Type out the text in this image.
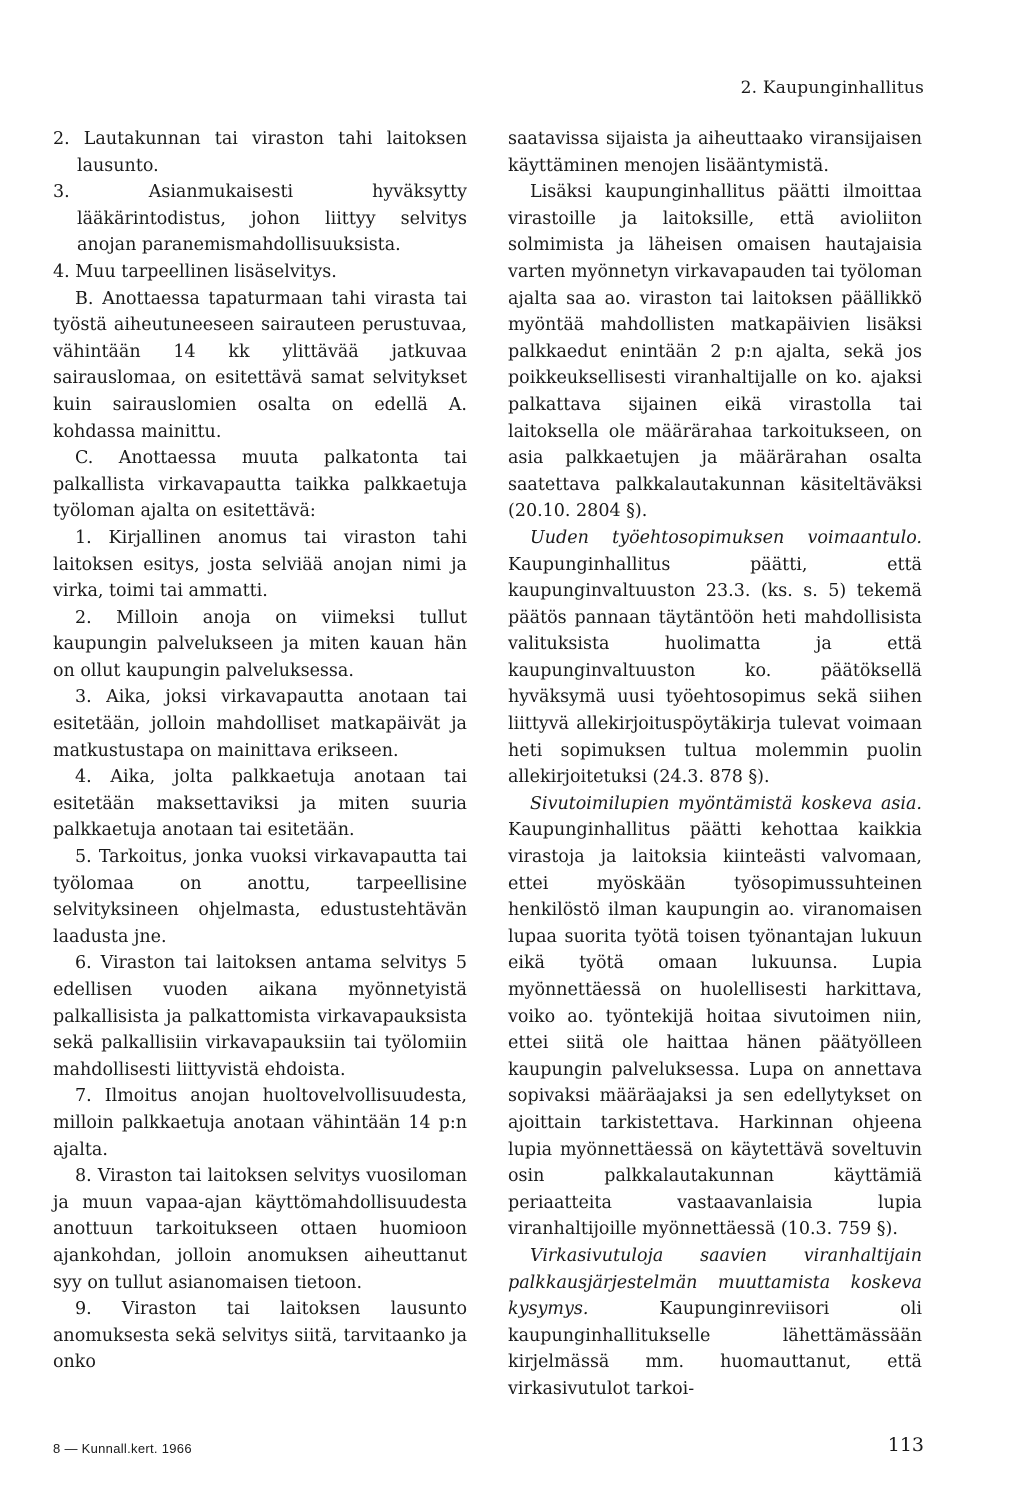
2. Kaupunginhallitus

2. Lautakunnan tai viraston tahi laitoksen lausunto.

3. Asianmukaisesti hyväksytty lääkärintodistus, johon liittyy selvitys anojan paranemismahdollisuuksista.

4. Muu tarpeellinen lisäselvitys.

B. Anottaessa tapaturmaan tahi virasta tai työstä aiheutuneeseen sairauteen perustuvaa, vähintään 14 kk ylittävää jatkuvaa sairauslomaa, on esitettävä samat selvitykset kuin sairauslomien osalta on edellä A. kohdassa mainittu.

C. Anottaessa muuta palkatonta tai palkallista virkavapautta taikka palkkaetuja työloman ajalta on esitettävä:

1. Kirjallinen anomus tai viraston tahi laitoksen esitys, josta selviää anojan nimi ja virka, toimi tai ammatti.

2. Milloin anoja on viimeksi tullut kaupungin palvelukseen ja miten kauan hän on ollut kaupungin palveluksessa.

3. Aika, joksi virkavapautta anotaan tai esitetään, jolloin mahdolliset matkapäivät ja matkustustapa on mainittava erikseen.

4. Aika, jolta palkkaetuja anotaan tai esitetään maksettaviksi ja miten suuria palkkaetuja anotaan tai esitetään.

5. Tarkoitus, jonka vuoksi virkavapautta tai työlomaa on anottu, tarpeellisine selvityksineen ohjelmasta, edustustehtävän laadusta jne.

6. Viraston tai laitoksen antama selvitys 5 edellisen vuoden aikana myönnetyistä palkallisista ja palkattomista virkavapauksista sekä palkallisiin virkavapauksiin tai työlomiin mahdollisesti liittyvistä ehdoista.

7. Ilmoitus anojan huoltovelvollisuudesta, milloin palkkaetuja anotaan vähintään 14 p:n ajalta.

8. Viraston tai laitoksen selvitys vuosiloman ja muun vapaa-ajan käyttömahdollisuudesta anottuun tarkoitukseen ottaen huomioon ajankohdan, jolloin anomuksen aiheuttanut syy on tullut asianomaisen tietoon.

9. Viraston tai laitoksen lausunto anomuksesta sekä selvitys siitä, tarvitaanko ja onko

saatavissa sijaista ja aiheuttaako viransijaisen käyttäminen menojen lisääntymistä.

Lisäksi kaupunginhallitus päätti ilmoittaa virastoille ja laitoksille, että avioliiton solmimista ja läheisen omaisen hautajaisia varten myönnetyn virkavapauden tai työloman ajalta saa ao. viraston tai laitoksen päällikkö myöntää mahdollisten matkapäivien lisäksi palkkaedut enintään 2 p:n ajalta, sekä jos poikkeuksellisesti viranhaltijalle on ko. ajaksi palkattava sijainen eikä virastolla tai laitoksella ole määrärahaa tarkoitukseen, on asia palkkaetujen ja määrärahan osalta saatettava palkkalautakunnan käsiteltäväksi (20.10. 2804 §).

Uuden työehtosopimuksen voimaantulo. Kaupunginhallitus päätti, että kaupunginvaltuuston 23.3. (ks. s. 5) tekemä päätös pannaan täytäntöön heti mahdollisista valituksista huolimatta ja että kaupunginvaltuuston ko. päätöksellä hyväksymä uusi työehtosopimus sekä siihen liittyvä allekirjoituspöytäkirja tulevat voimaan heti sopimuksen tultua molemmin puolin allekirjoitetuksi (24.3. 878 §).

Sivutoimilupien myöntämistä koskeva asia. Kaupunginhallitus päätti kehottaa kaikkia virastoja ja laitoksia kiinteästi valvomaan, ettei myöskään työsopimussuhteinen henkilöstö ilman kaupungin ao. viranomaisen lupaa suorita työtä toisen työnantajan lukuun eikä työtä omaan lukuunsa. Lupia myönnettäessä on huolellisesti harkittava, voiko ao. työntekijä hoitaa sivutoimen niin, ettei siitä ole haittaa hänen päätyölleen kaupungin palveluksessa. Lupa on annettava sopivaksi määräajaksi ja sen edellytykset on ajoittain tarkistettava. Harkinnan ohjeena lupia myönnettäessä on käytettävä soveltuvin osin palkkalautakunnan käyttämiä periaatteita vastaavanlaisia lupia viranhaltijoille myönnettäessä (10.3. 759 §).

Virkasivutuloja saavien viranhaltijain palkkausjärjestelmän muuttamista koskeva kysymys. Kaupunginreviisori oli kaupunginhallitukselle lähettämässään kirjelmässä mm. huomauttanut, että virkasivutulot tarkoi-

8 — Kunnall.kert. 1966	113
